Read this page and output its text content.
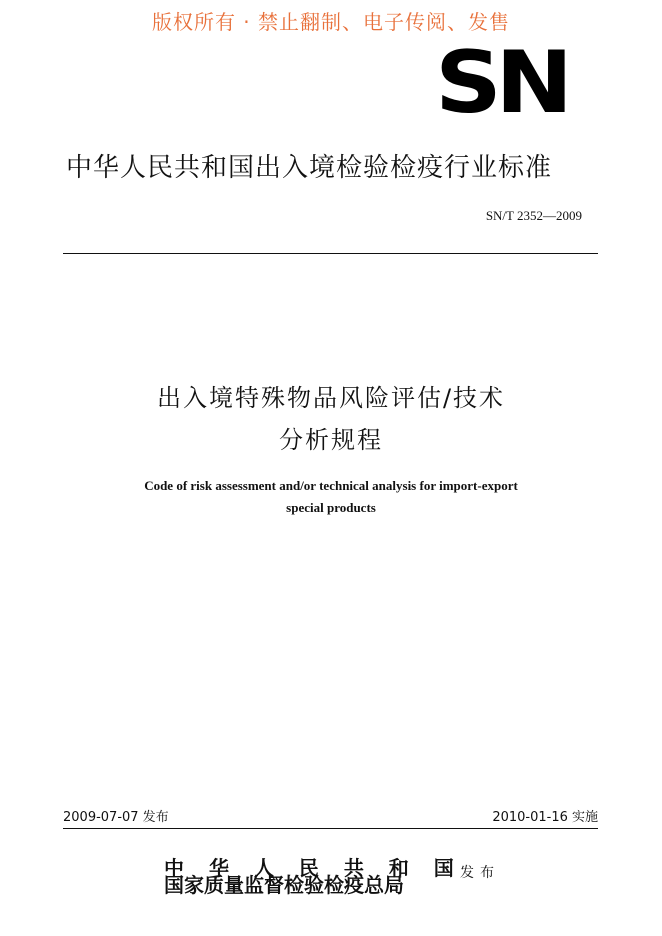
版权所有 · 禁止翻制、电子传阅、发售
SN
中华人民共和国出入境检验检疫行业标准
SN/T 2352—2009
出入境特殊物品风险评估/技术
分析规程
Code of risk assessment and/or technical analysis for import-export
special products
2009-07-07 发布	2010-01-16 实施
中 华 人 民 共 和 国
国家质量监督检验检疫总局	发布
